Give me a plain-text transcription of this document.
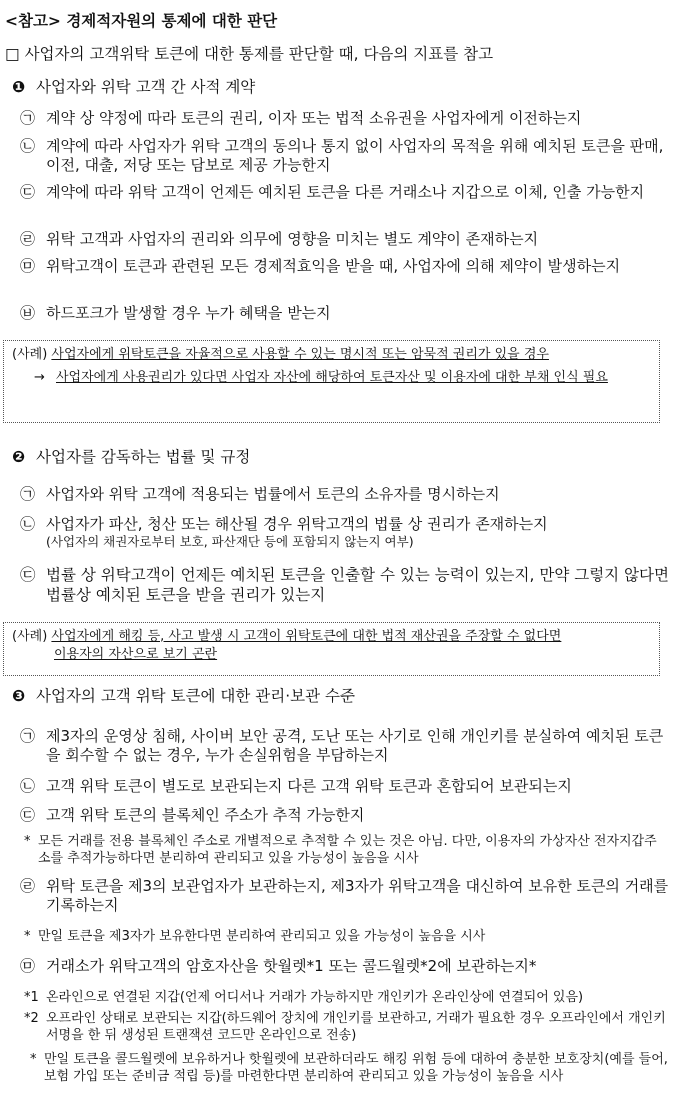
<참고> 경제적자원의 통제에 대한 판단
□ 사업자의 고객위탁 토큰에 대한 통제를 판단할 때, 다음의 지표를 참고
❶ 사업자와 위탁 고객 간 사적 계약
㉠ 계약 상 약정에 따라 토큰의 권리, 이자 또는 법적 소유권을 사업자에게 이전하는지
㉡ 계약에 따라 사업자가 위탁 고객의 동의나 통지 없이 사업자의 목적을 위해 예치된 토큰을 판매, 이전, 대출, 저당 또는 담보로 제공 가능한지
㉢ 계약에 따라 위탁 고객이 언제든 예치된 토큰을 다른 거래소나 지갑으로 이체, 인출 가능한지
㉣ 위탁 고객과 사업자의 권리와 의무에 영향을 미치는 별도 계약이 존재하는지
㉤ 위탁고객이 토큰과 관련된 모든 경제적효익을 받을 때, 사업자에 의해 제약이 발생하는지
㉥ 하드포크가 발생할 경우 누가 혜택을 받는지
(사례) 사업자에게 위탁토큰을 자율적으로 사용할 수 있는 명시적 또는 암묵적 권리가 있을 경우
→ 사업자에게 사용권리가 있다면 사업자 자산에 해당하여 토큰자산 및 이용자에 대한 부채 인식 필요
❷ 사업자를 감독하는 법률 및 규정
㉠ 사업자와 위탁 고객에 적용되는 법률에서 토큰의 소유자를 명시하는지
㉡ 사업자가 파산, 청산 또는 해산될 경우 위탁고객의 법률 상 권리가 존재하는지
(사업자의 채권자로부터 보호, 파산재단 등에 포함되지 않는지 여부)
㉢ 법률 상 위탁고객이 언제든 예치된 토큰을 인출할 수 있는 능력이 있는지, 만약 그렇지 않다면 법률상 예치된 토큰을 받을 권리가 있는지
(사례) 사업자에게 해킹 등, 사고 발생 시 고객이 위탁토큰에 대한 법적 재산권을 주장할 수 없다면
이용자의 자산으로 보기 곤란
❸ 사업자의 고객 위탁 토큰에 대한 관리·보관 수준
㉠ 제3자의 운영상 침해, 사이버 보안 공격, 도난 또는 사기로 인해 개인키를 분실하여 예치된 토큰을 회수할 수 없는 경우, 누가 손실위험을 부담하는지
㉡ 고객 위탁 토큰이 별도로 보관되는지 다른 고객 위탁 토큰과 혼합되어 보관되는지
㉢ 고객 위탁 토큰의 블록체인 주소가 추적 가능한지
* 모든 거래를 전용 블록체인 주소로 개별적으로 추적할 수 있는 것은 아님. 다만, 이용자의 가상자산 전자지갑주소를 추적가능하다면 분리하여 관리되고 있을 가능성이 높음을 시사
㉣ 위탁 토큰을 제3의 보관업자가 보관하는지, 제3자가 위탁고객을 대신하여 보유한 토큰의 거래를 기록하는지
* 만일 토큰을 제3자가 보유한다면 분리하여 관리되고 있을 가능성이 높음을 시사
㉤ 거래소가 위탁고객의 암호자산을 핫월렛*1 또는 콜드월렛*2에 보관하는지*
*1 온라인으로 연결된 지갑(언제 어디서나 거래가 가능하지만 개인키가 온라인상에 연결되어 있음)
*2 오프라인 상태로 보관되는 지갑(하드웨어 장치에 개인키를 보관하고, 거래가 필요한 경우 오프라인에서 개인키 서명을 한 뒤 생성된 트랜잭션 코드만 온라인으로 전송)
* 만일 토큰을 콜드월렛에 보유하거나 핫월렛에 보관하더라도 해킹 위험 등에 대하여 충분한 보호장치(예를 들어, 보험 가입 또는 준비금 적립 등)를 마련한다면 분리하여 관리되고 있을 가능성이 높음을 시사
